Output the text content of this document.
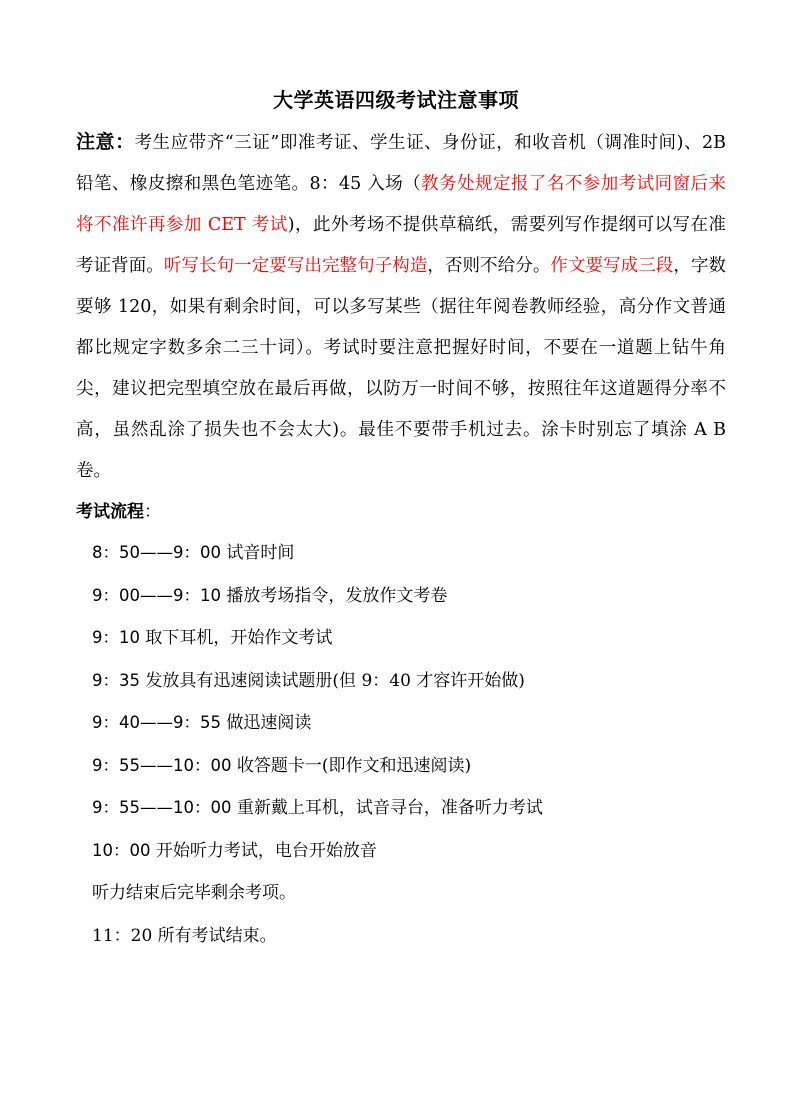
大学英语四级考试注意事项
注意：考生应带齐“三证”即准考证、学生证、身份证，和收音机（调准时间)、2B 铅笔、橡皮擦和黑色笔迹笔。8：45 入场（教务处规定报了名不参加考试同窗后来将不准许再参加 CET 考试)，此外考场不提供草稿纸，需要列写作提纲可以写在准考证背面。听写长句一定要写出完整句子构造，否则不给分。作文要写成三段，字数要够 120，如果有剩余时间，可以多写某些（据往年阅卷教师经验，高分作文普通都比规定字数多余二三十词）。考试时要注意把握好时间，不要在一道题上钻牛角尖，建议把完型填空放在最后再做，以防万一时间不够，按照往年这道题得分率不高，虽然乱涂了损失也不会太大)。最佳不要带手机过去。涂卡时别忘了填涂 A B 卷。
考试流程：
8：50——9：00 试音时间
9：00——9：10 播放考场指令，发放作文考卷
9：10 取下耳机，开始作文考试
9：35 发放具有迅速阅读试题册(但 9：40 才容许开始做)
9：40——9：55 做迅速阅读
9：55——10：00 收答题卡一(即作文和迅速阅读)
9：55——10：00 重新戴上耳机，试音寻台，准备听力考试
10：00 开始听力考试，电台开始放音
听力结束后完毕剩余考项。
11：20 所有考试结束。
